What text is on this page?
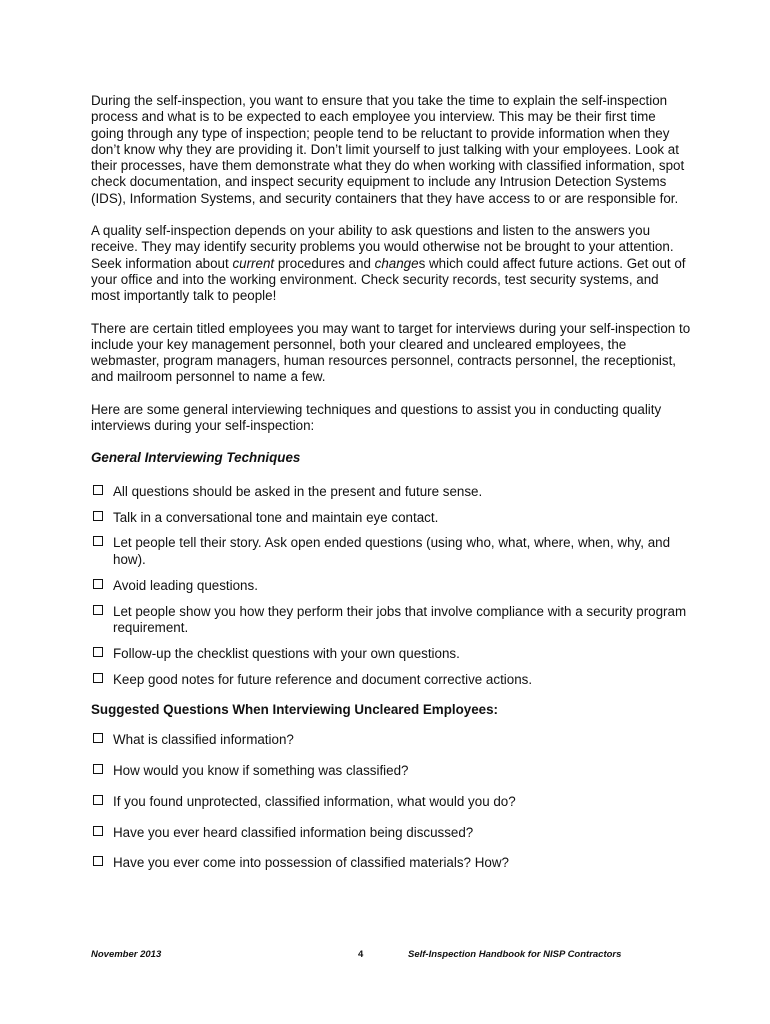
During the self-inspection, you want to ensure that you take the time to explain the self-inspection process and what is to be expected to each employee you interview. This may be their first time going through any type of inspection; people tend to be reluctant to provide information when they don’t know why they are providing it. Don’t limit yourself to just talking with your employees. Look at their processes, have them demonstrate what they do when working with classified information, spot check documentation, and inspect security equipment to include any Intrusion Detection Systems (IDS), Information Systems, and security containers that they have access to or are responsible for.

A quality self-inspection depends on your ability to ask questions and listen to the answers you receive. They may identify security problems you would otherwise not be brought to your attention. Seek information about current procedures and changes which could affect future actions. Get out of your office and into the working environment. Check security records, test security systems, and most importantly talk to people!

There are certain titled employees you may want to target for interviews during your self-inspection to include your key management personnel, both your cleared and uncleared employees, the webmaster, program managers, human resources personnel, contracts personnel, the receptionist, and mailroom personnel to name a few.

Here are some general interviewing techniques and questions to assist you in conducting quality interviews during your self-inspection:

General Interviewing Techniques
All questions should be asked in the present and future sense.
Talk in a conversational tone and maintain eye contact.
Let people tell their story. Ask open ended questions (using who, what, where, when, why, and how).
Avoid leading questions.
Let people show you how they perform their jobs that involve compliance with a security program requirement.
Follow-up the checklist questions with your own questions.
Keep good notes for future reference and document corrective actions.
Suggested Questions When Interviewing Uncleared Employees:
What is classified information?
How would you know if something was classified?
If you found unprotected, classified information, what would you do?
Have you ever heard classified information being discussed?
Have you ever come into possession of classified materials? How?
November 2013	4	Self-Inspection Handbook for NISP Contractors
